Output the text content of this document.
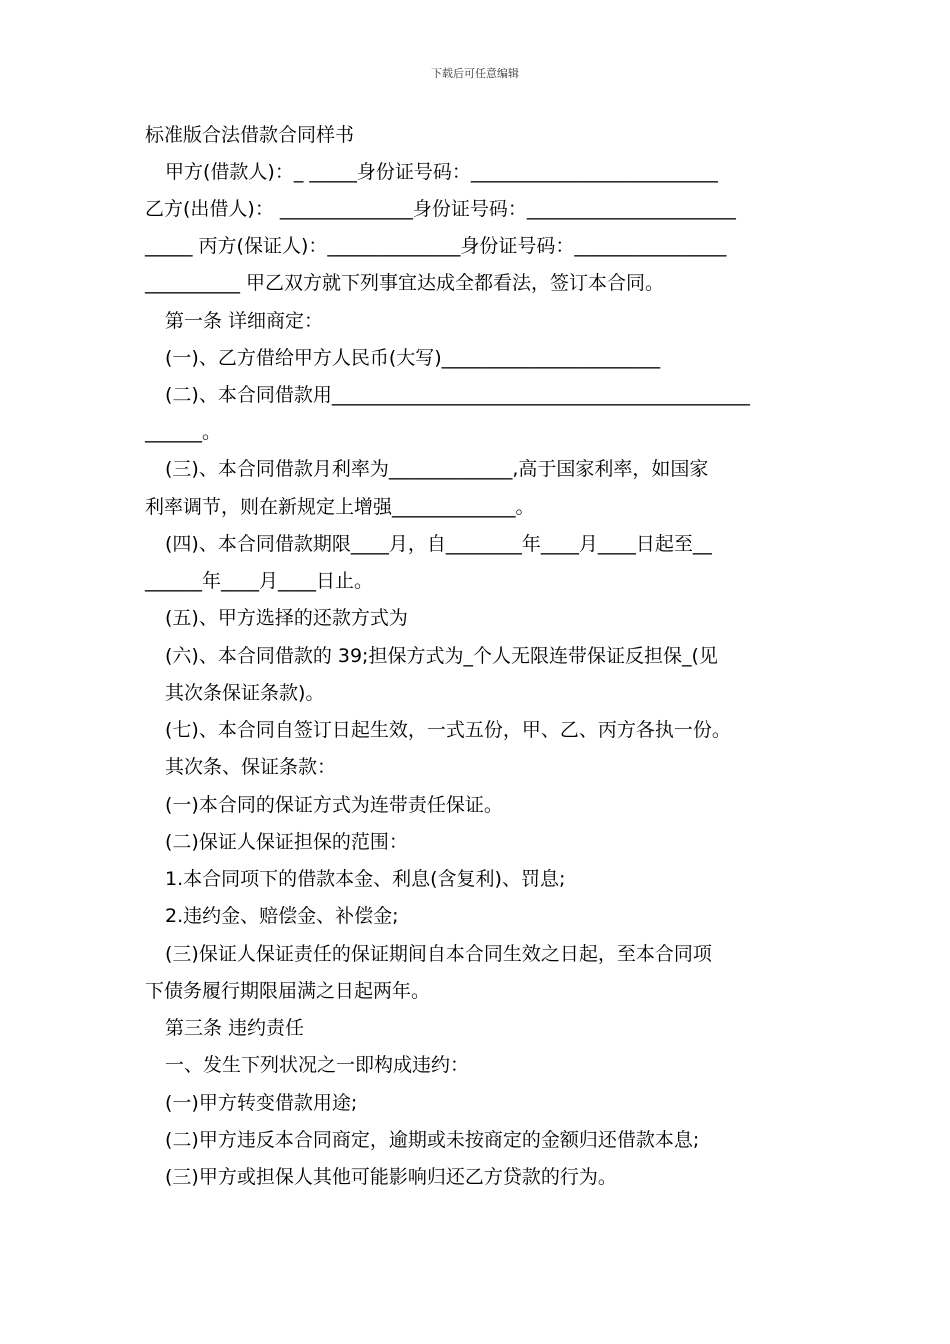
下载后可任意编辑
标准版合法借款合同样书
甲方(借款人)：_ _____身份证号码：__________________________
乙方(出借人)： ______________身份证号码：______________________
_____ 丙方(保证人)：______________身份证号码：________________
__________ 甲乙双方就下列事宜达成全都看法，签订本合同。
第一条 详细商定：
(一)、乙方借给甲方人民币(大写)_______________________
(二)、本合同借款用____________________________________________
______。
(三)、本合同借款月利率为_____________,高于国家利率，如国家
利率调节，则在新规定上增强_____________。
(四)、本合同借款期限____月，自________年____月____日起至__
______年____月____日止。
(五)、甲方选择的还款方式为
(六)、本合同借款的 39;担保方式为_个人无限连带保证反担保_(见
其次条保证条款)。
(七)、本合同自签订日起生效，一式五份，甲、乙、丙方各执一份。
其次条、保证条款：
(一)本合同的保证方式为连带责任保证。
(二)保证人保证担保的范围：
1.本合同项下的借款本金、利息(含复利)、罚息;
2.违约金、赔偿金、补偿金;
(三)保证人保证责任的保证期间自本合同生效之日起，至本合同项
下债务履行期限届满之日起两年。
第三条 违约责任
一、发生下列状况之一即构成违约：
(一)甲方转变借款用途;
(二)甲方违反本合同商定，逾期或未按商定的金额归还借款本息;
(三)甲方或担保人其他可能影响归还乙方贷款的行为。
